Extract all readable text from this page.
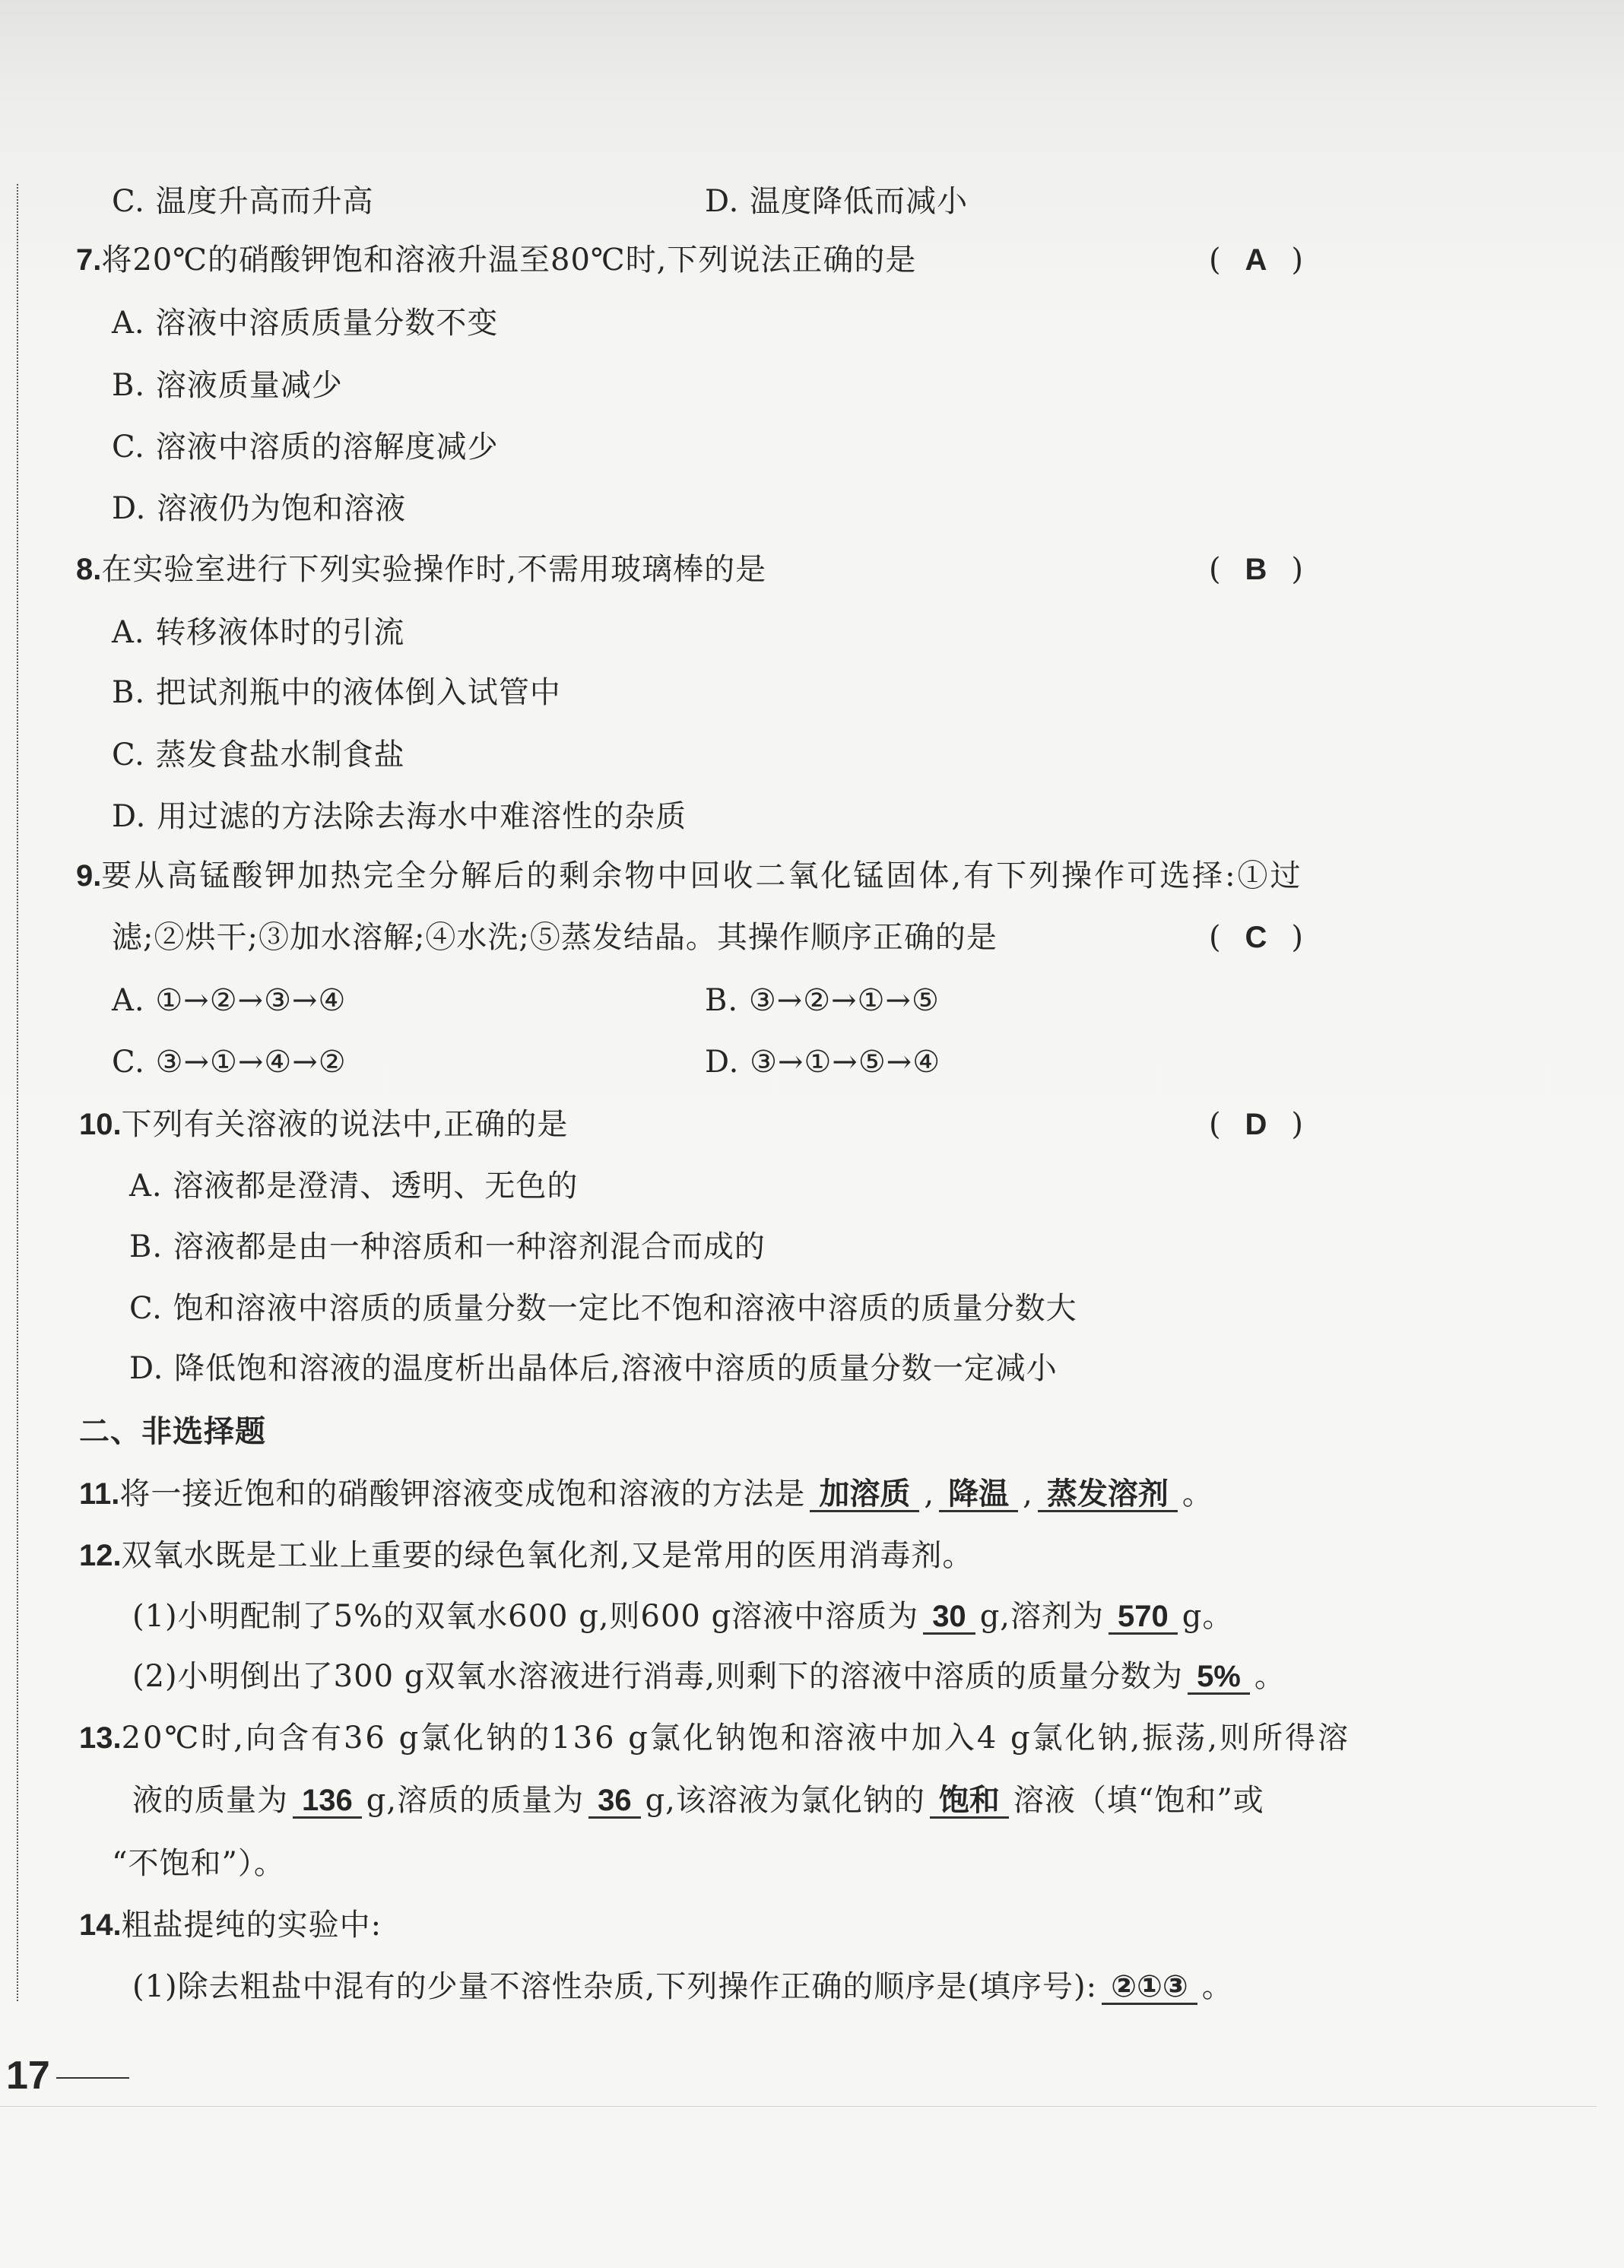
C. 温度升高而升高	D. 温度降低而减小
7.将20℃的硝酸钾饱和溶液升温至80℃时,下列说法正确的是	( A )
A. 溶液中溶质质量分数不变
B. 溶液质量减少
C. 溶液中溶质的溶解度减少
D. 溶液仍为饱和溶液
8.在实验室进行下列实验操作时,不需用玻璃棒的是	( B )
A. 转移液体时的引流
B. 把试剂瓶中的液体倒入试管中
C. 蒸发食盐水制食盐
D. 用过滤的方法除去海水中难溶性的杂质
9.要从高锰酸钾加热完全分解后的剩余物中回收二氧化锰固体,有下列操作可选择:①过
滤;②烘干;③加水溶解;④水洗;⑤蒸发结晶。其操作顺序正确的是	( C )
A. ①→②→③→④	B. ③→②→①→⑤
C. ③→①→④→②	D. ③→①→⑤→④
10.下列有关溶液的说法中,正确的是	( D )
A. 溶液都是澄清、透明、无色的
B. 溶液都是由一种溶质和一种溶剂混合而成的
C. 饱和溶液中溶质的质量分数一定比不饱和溶液中溶质的质量分数大
D. 降低饱和溶液的温度析出晶体后,溶液中溶质的质量分数一定减小
二、非选择题
11.将一接近饱和的硝酸钾溶液变成饱和溶液的方法是 加溶质 , 降温 , 蒸发溶剂 。
12.双氧水既是工业上重要的绿色氧化剂,又是常用的医用消毒剂。
(1)小明配制了5%的双氧水600 g,则600 g溶液中溶质为 30 g,溶剂为 570 g。
(2)小明倒出了300 g双氧水溶液进行消毒,则剩下的溶液中溶质的质量分数为 5% 。
13.20℃时,向含有36 g氯化钠的136 g氯化钠饱和溶液中加入4 g氯化钠,振荡,则所得溶
液的质量为 136 g,溶质的质量为 36 g,该溶液为氯化钠的 饱和 溶液（填“饱和”或
“不饱和”）。
14.粗盐提纯的实验中:
(1)除去粗盐中混有的少量不溶性杂质,下列操作正确的顺序是(填序号): ②①③ 。
17
